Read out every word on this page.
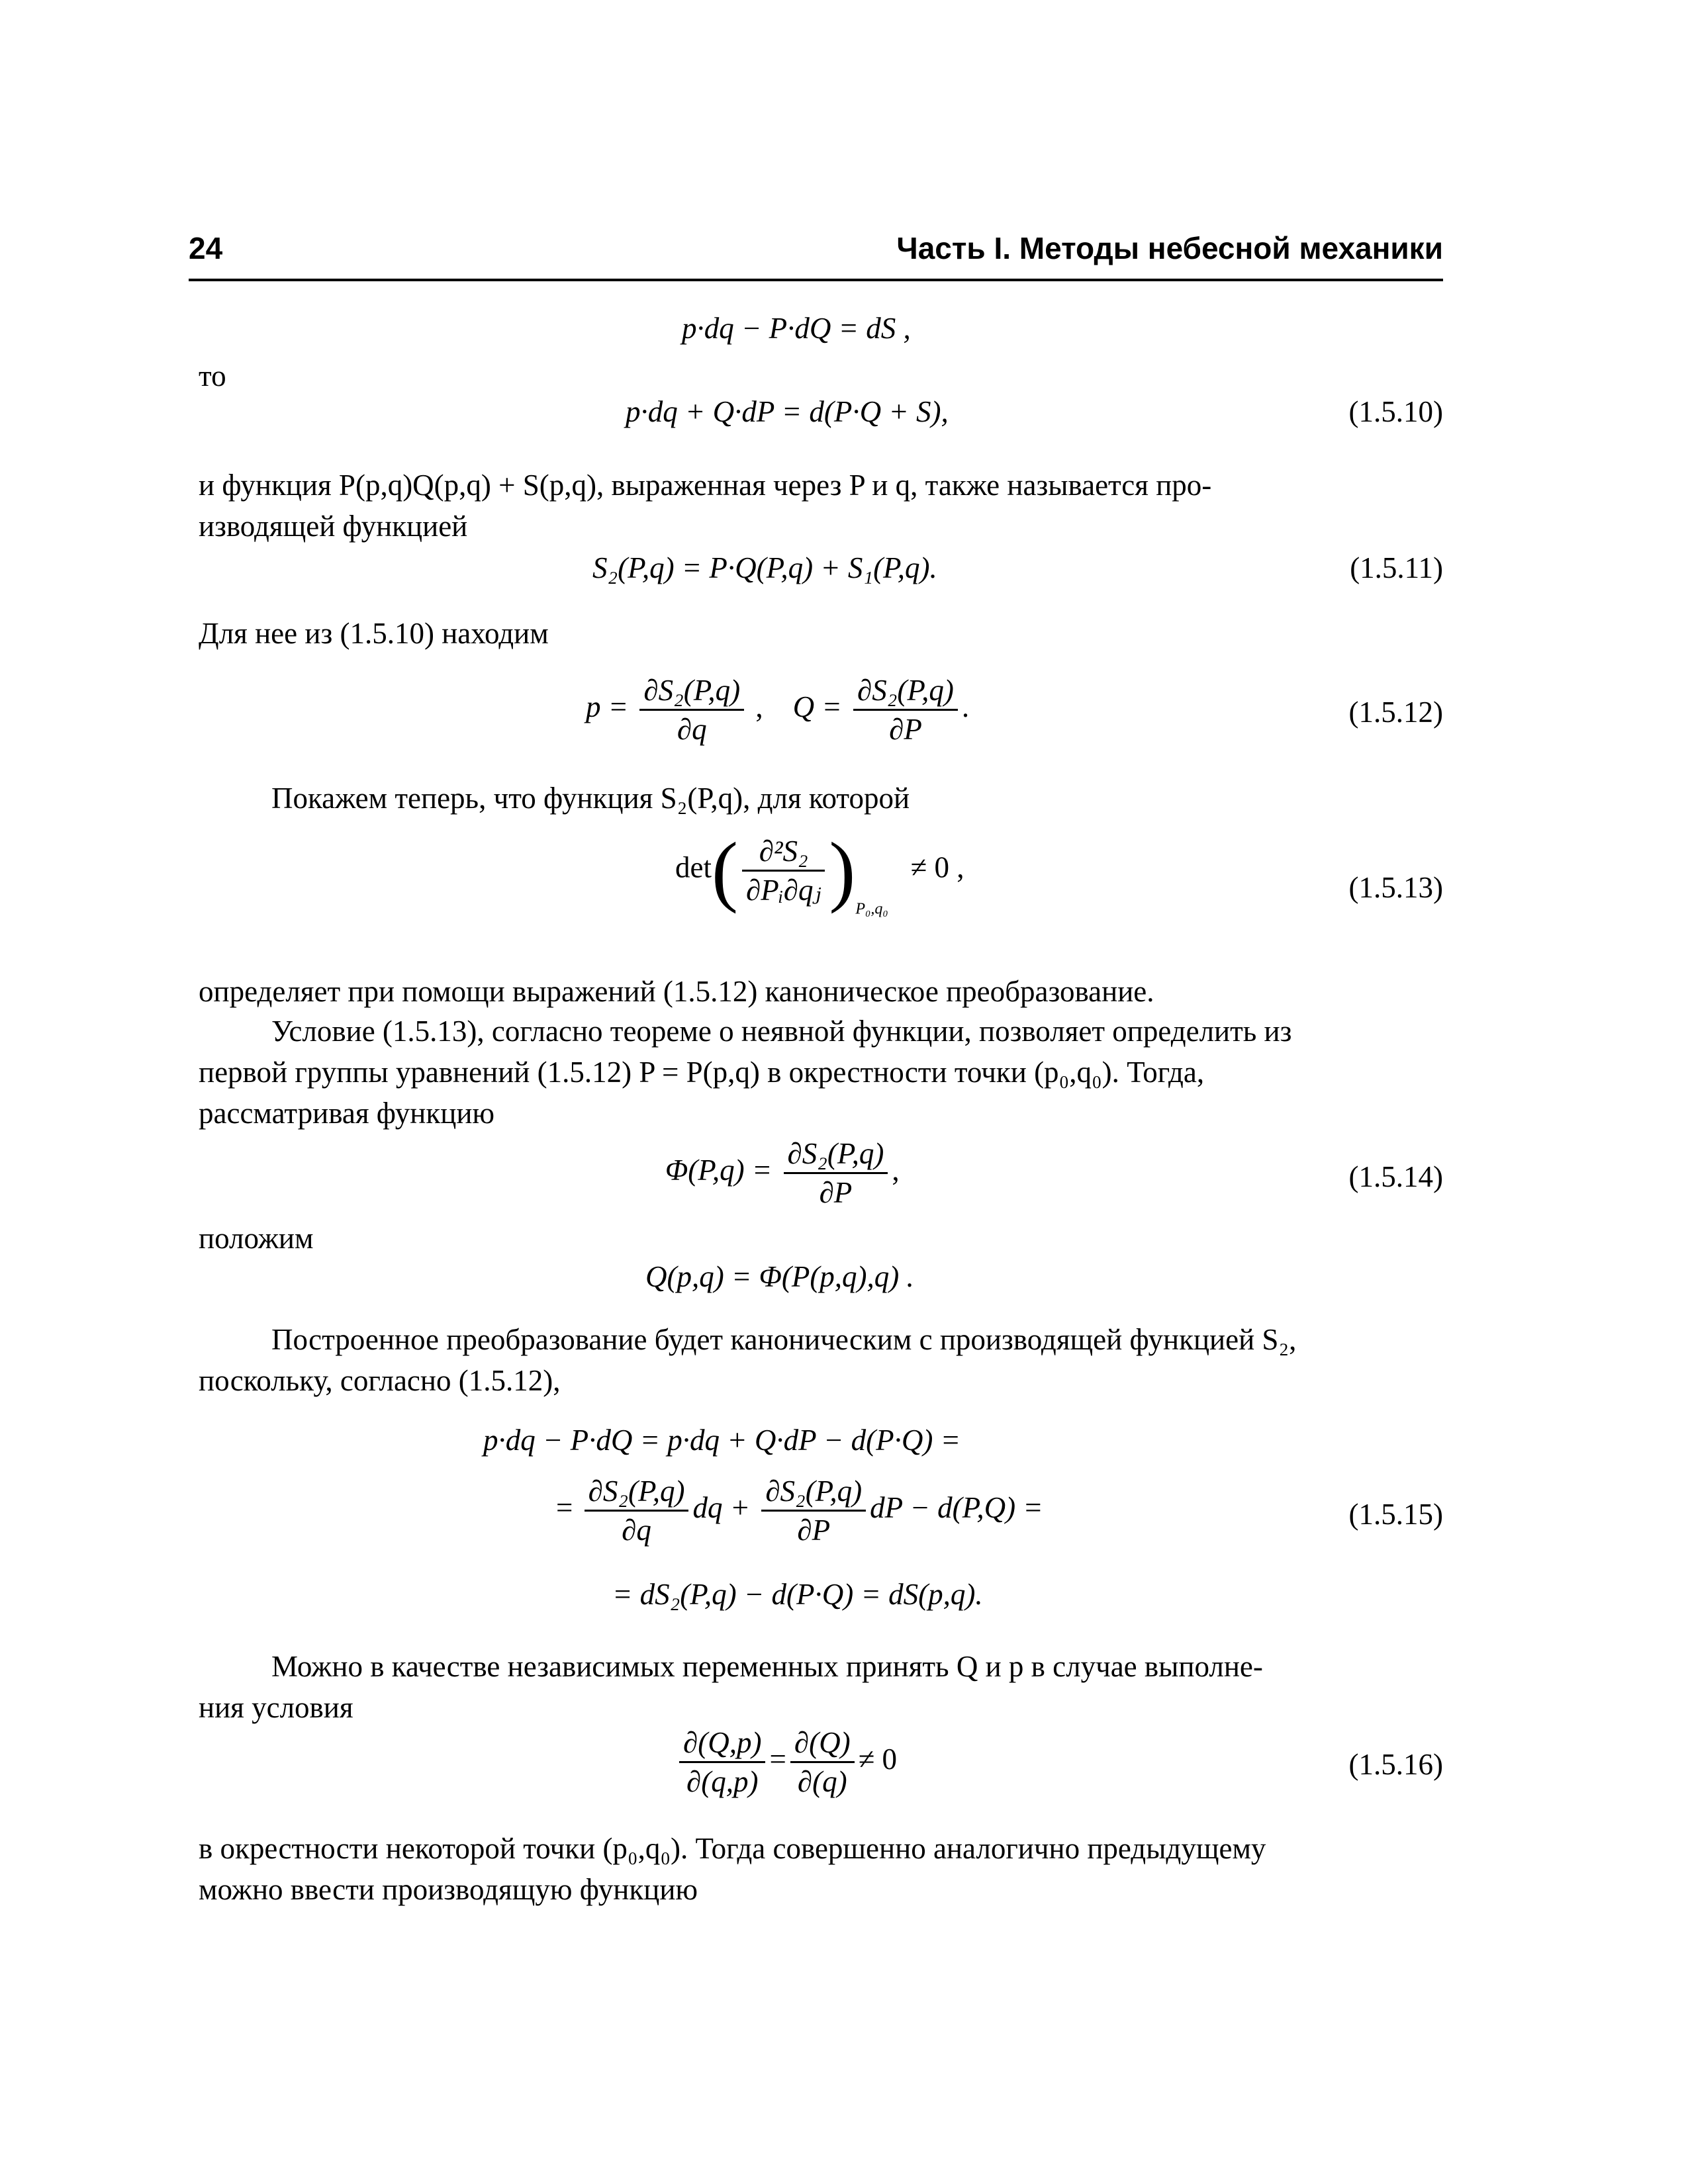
24	Часть I. Методы небесной механики
p·dq − P·dQ = dS ,
то
p·dq + Q·dP = d(P·Q + S),	(1.5.10)
и функция P(p,q)Q(p,q) + S(p,q), выраженная через P и q, также называется про-
изводящей функцией
S₂(P,q) = P·Q(P,q) + S₁(P,q).	(1.5.11)
Для нее из (1.5.10) находим
$p = \frac{\text{∂S₂(P,q)}}{\partial q}$ ,    $Q = \frac{\text{∂S₂(P,q)}}{\partial P}$ .	(1.5.12)
Покажем теперь, что функция S₂(P,q), для которой
$\det( \frac{\text{∂²S₂}}{\text{∂Pᵢ∂qⱼ}} )_{P_0,q_0} \ne 0$ ,
(1.5.13)
определяет при помощи выражений (1.5.12) каноническое преобразование.
Условие (1.5.13), согласно теореме о неявной функции, позволяет определить из
первой группы уравнений (1.5.12) P = P(p,q) в окрестности точки (p₀,q₀). Тогда,
рассматривая функцию
$\Phi(P,q) = \frac{\text{∂S₂(P,q)}}{\partial P}$ ,	(1.5.14)
положим
Q(p,q) = Φ(P(p,q),q) .
Построенное преобразование будет каноническим с производящей функцией S₂,
поскольку, согласно (1.5.12),
p·dq − P·dQ = p·dq + Q·dP − d(P·Q) =
= $\frac{\text{∂S₂(P,q)}}{\partial q}$ dq + $\frac{\text{∂S₂(P,q)}}{\partial P}$ dP − d(P,Q) =	(1.5.15)
= dS₂(P,q) − d(P·Q) = dS(p,q).
Можно в качестве независимых переменных принять Q и p в случае выполне-
ния условия
$\frac{\partial(Q,p)}{\partial(q,p)} = \frac{\partial(Q)}{\partial(q)} \ne 0$	(1.5.16)
в окрестности некоторой точки (p₀,q₀). Тогда совершенно аналогично предыдущему
можно ввести производящую функцию
